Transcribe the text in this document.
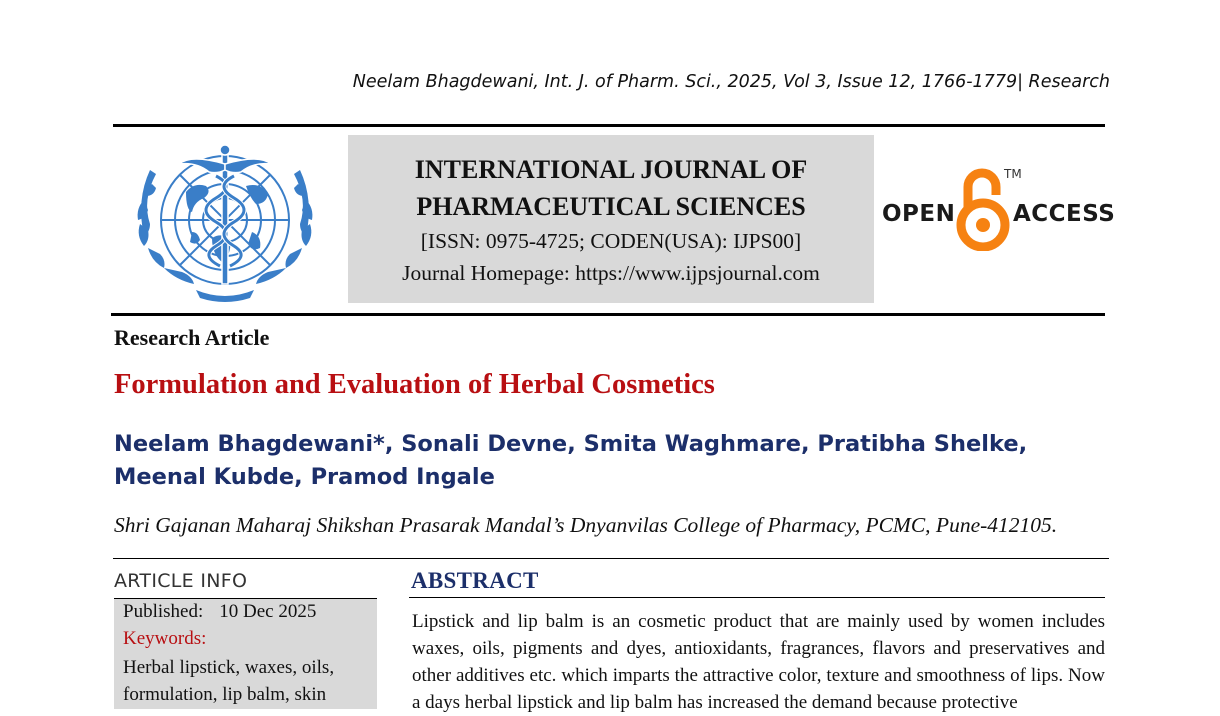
Neelam Bhagdewani, Int. J. of Pharm. Sci., 2025, Vol 3, Issue 12, 1766-1779| Research
INTERNATIONAL JOURNAL OF
PHARMACEUTICAL SCIENCES
[ISSN: 0975-4725; CODEN(USA): IJPS00]
Journal Homepage: https://www.ijpsjournal.com
OPEN
TM
ACCESS
Research Article
Formulation and Evaluation of Herbal Cosmetics
Neelam Bhagdewani*, Sonali Devne, Smita Waghmare, Pratibha Shelke, Meenal Kubde, Pramod Ingale
Shri Gajanan Maharaj Shikshan Prasarak Mandal’s Dnyanvilas College of Pharmacy, PCMC, Pune-412105.
ARTICLE INFO
Published: 10 Dec 2025
Keywords:
Herbal lipstick, waxes, oils, formulation, lip balm, skin
ABSTRACT
Lipstick and lip balm is an cosmetic product that are mainly used by women includes waxes, oils, pigments and dyes, antioxidants, fragrances, flavors and preservatives and other additives etc. which imparts the attractive color, texture and smoothness of lips. Now a days herbal lipstick and lip balm has increased the demand because protective
